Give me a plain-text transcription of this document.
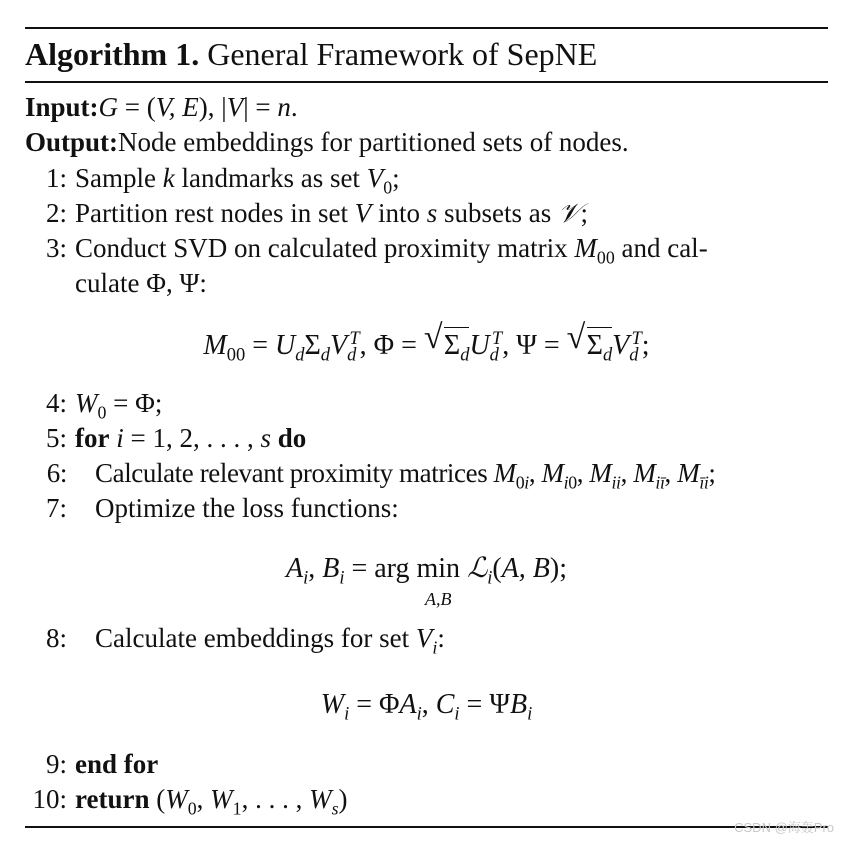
Algorithm 1. General Framework of SepNE
Input:G = (V, E), |V| = n.
Output:Node embeddings for partitioned sets of nodes.
1: Sample k landmarks as set $V_0$;
2: Partition rest nodes in set V into s subsets as 𝒱;
3: Conduct SVD on calculated proximity matrix $M_{00}$ and cal-
culate Φ, Ψ:
$M_{00} = U_d\Sigma_dV_d^T$, Φ = √ $\Sigma_dU_d^T$, Ψ = √ $\Sigma_dV_d^T$;
4: $W_0 = \Phi$;
5: for i = 1, 2, . . . , s do
6: Calculate relevant proximity matrices $M_{0i}$, $M_{i0}$, $M_{ii}$, $M_{iī}$, $M_{īi}$;
7: Optimize the loss functions:
$A_i$, $B_i$ = arg min
A,B
ℒ$_i$(A, B);
8: Calculate embeddings for set $V_i$:
$W_i = \Phi A_i$, $C_i = \Psi B_i$
9: end for
10: return ($W_0$, $W_1$, . . . , $W_s$)
CSDN @海轰Pro
